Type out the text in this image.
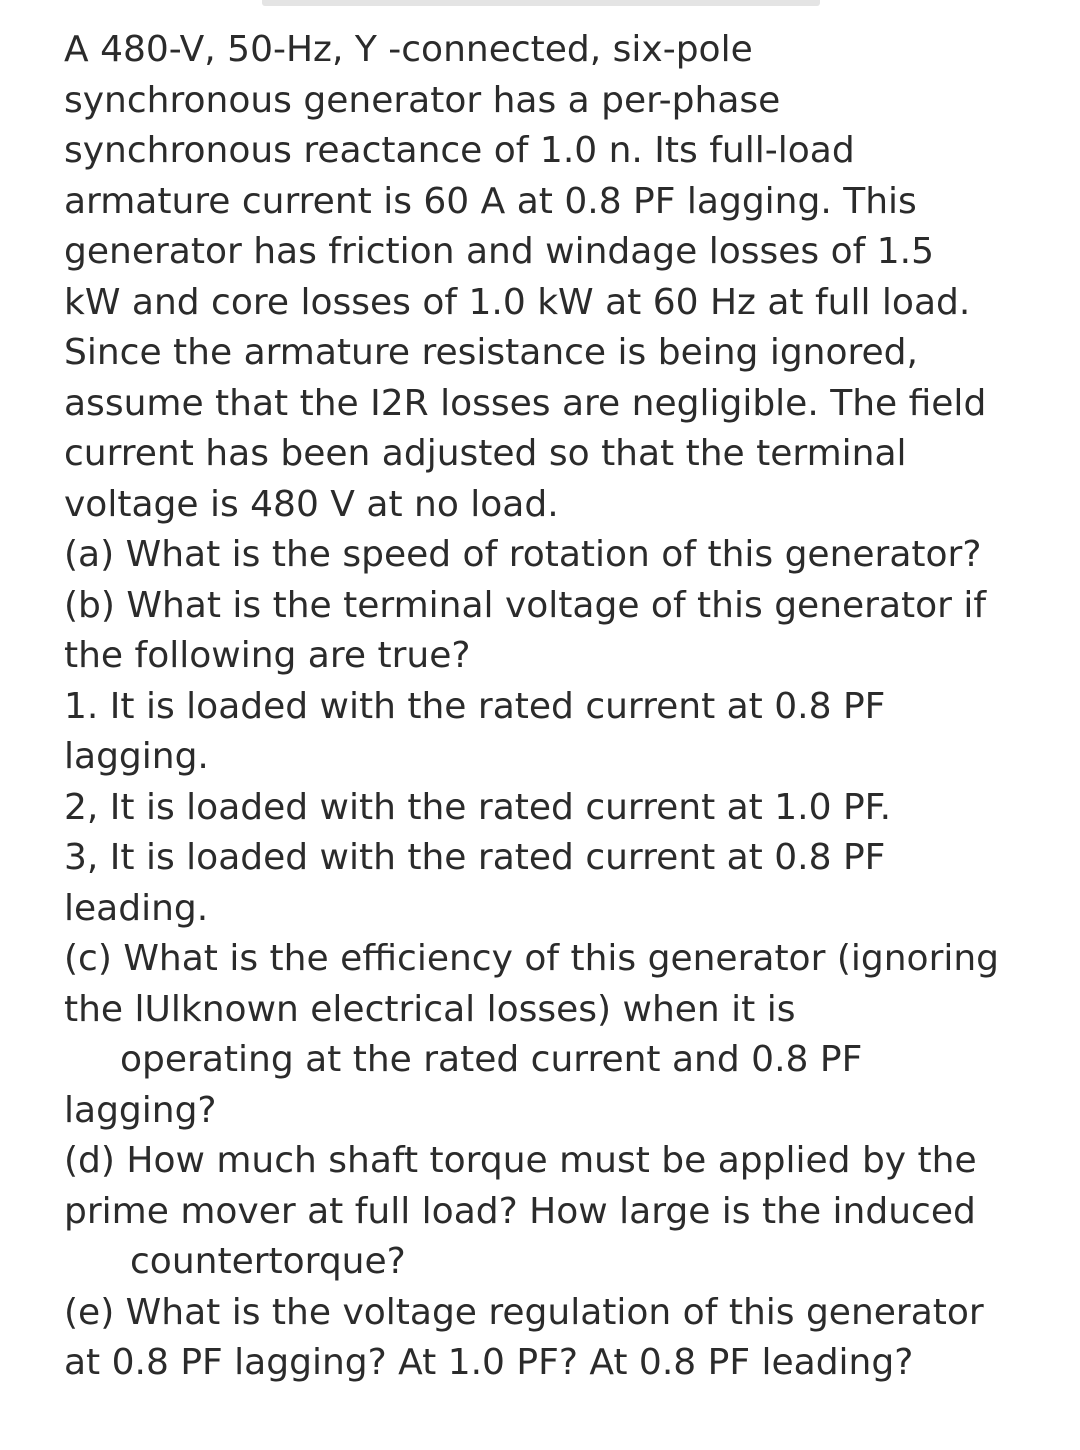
A 480-V, 50-Hz, Y -connected, six-pole
synchronous generator has a per-phase
synchronous reactance of 1.0 n. Its full-load
armature current is 60 A at 0.8 PF lagging. This
generator has friction and windage losses of 1.5
kW and core losses of 1.0 kW at 60 Hz at full load.
Since the armature resistance is being ignored,
assume that the I2R losses are negligible. The field
current has been adjusted so that the terminal
voltage is 480 V at no load.
(a) What is the speed of rotation of this generator?
(b) What is the terminal voltage of this generator if
the following are true?
1. It is loaded with the rated current at 0.8 PF
lagging.
2, It is loaded with the rated current at 1.0 PF.
3, It is loaded with the rated current at 0.8 PF
leading.
(c) What is the efficiency of this generator (ignoring
the lUlknown electrical losses) when it is
operating at the rated current and 0.8 PF
lagging?
(d) How much shaft torque must be applied by the
prime mover at full load? How large is the induced
countertorque?
(e) What is the voltage regulation of this generator
at 0.8 PF lagging? At 1.0 PF? At 0.8 PF leading?
